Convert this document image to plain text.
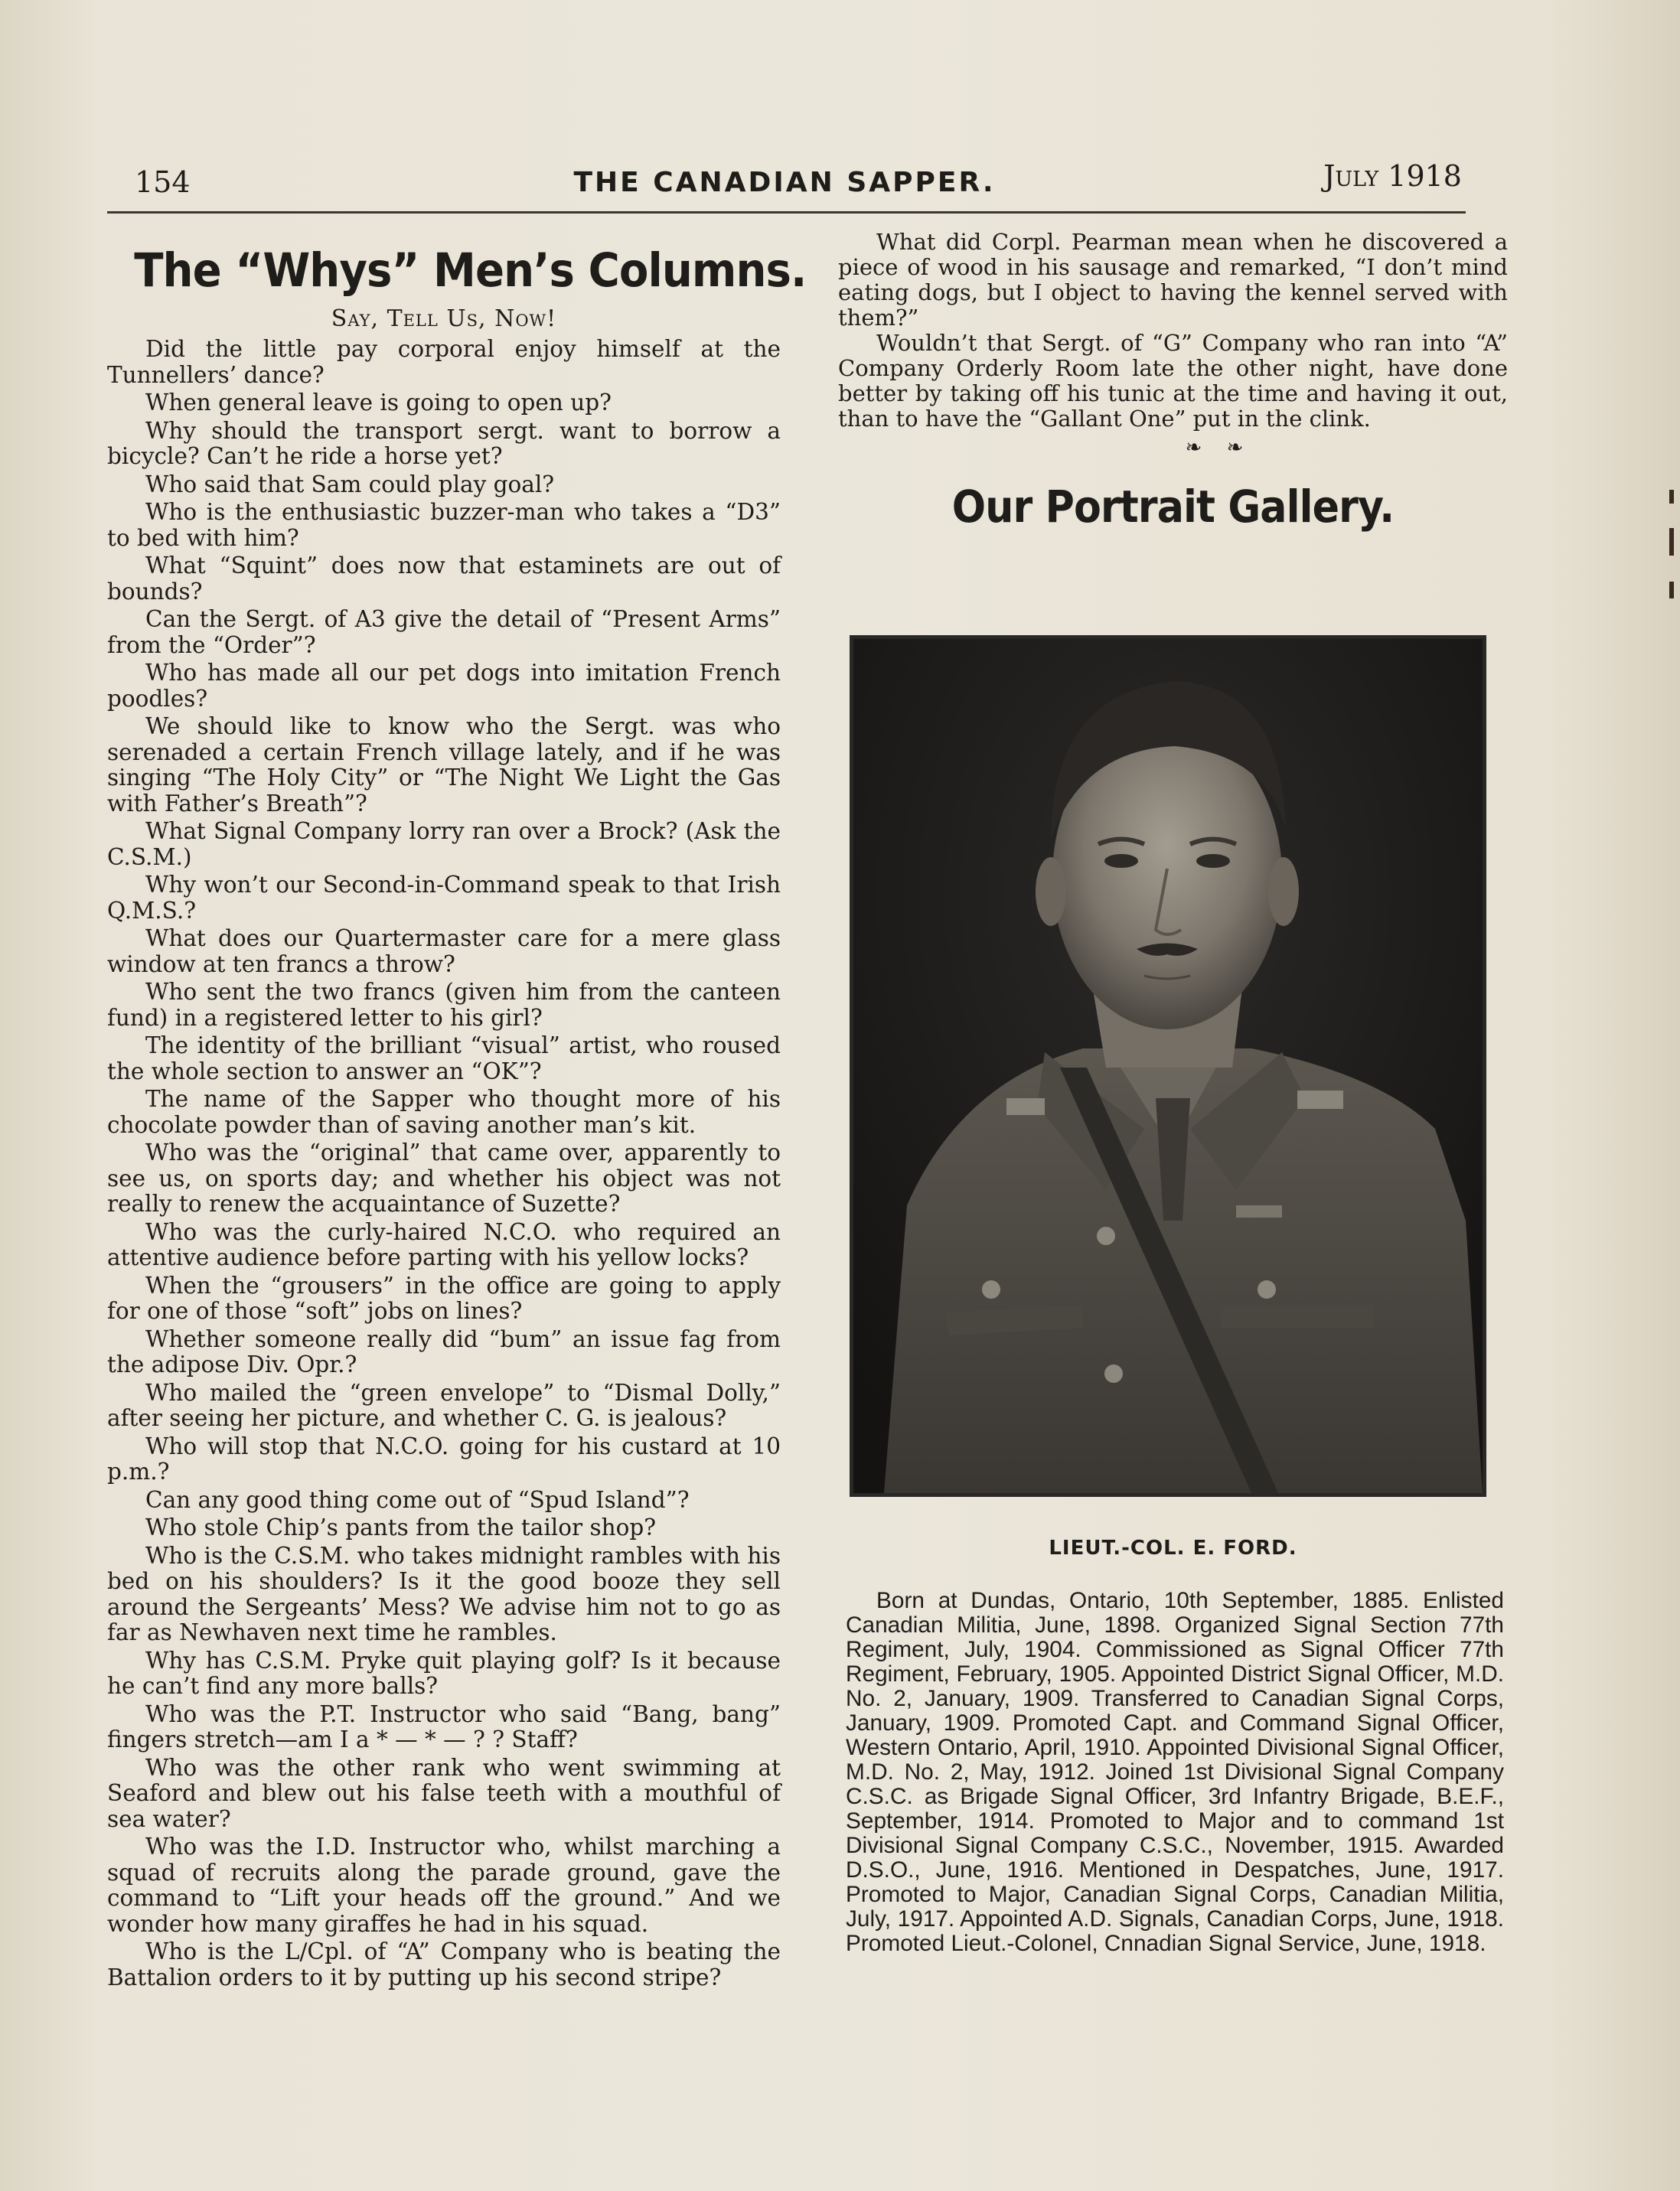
154	THE CANADIAN SAPPER.	July 1918
The “Whys” Men’s Columns.
Say, Tell Us, Now!

Did the little pay corporal enjoy himself at the Tunnellers’ dance?

When general leave is going to open up?

Why should the transport sergt. want to borrow a bicycle? Can’t he ride a horse yet?

Who said that Sam could play goal?

Who is the enthusiastic buzzer-man who takes a “D3” to bed with him?

What “Squint” does now that estaminets are out of bounds?

Can the Sergt. of A3 give the detail of “Present Arms” from the “Order”?

Who has made all our pet dogs into imitation French poodles?

We should like to know who the Sergt. was who serenaded a certain French village lately, and if he was singing “The Holy City” or “The Night We Light the Gas with Father’s Breath”?

What Signal Company lorry ran over a Brock? (Ask the C.S.M.)

Why won’t our Second-in-Command speak to that Irish Q.M.S.?

What does our Quartermaster care for a mere glass window at ten francs a throw?

Who sent the two francs (given him from the canteen fund) in a registered letter to his girl?

The identity of the brilliant “visual” artist, who roused the whole section to answer an “OK”?

The name of the Sapper who thought more of his chocolate powder than of saving another man’s kit.

Who was the “original” that came over, apparently to see us, on sports day; and whether his object was not really to renew the acquaintance of Suzette?

Who was the curly-haired N.C.O. who required an attentive audience before parting with his yellow locks?

When the “grousers” in the office are going to apply for one of those “soft” jobs on lines?

Whether someone really did “bum” an issue fag from the adipose Div. Opr.?

Who mailed the “green envelope” to “Dismal Dolly,” after seeing her picture, and whether C. G. is jealous?

Who will stop that N.C.O. going for his custard at 10 p.m.?

Can any good thing come out of “Spud Island”?

Who stole Chip’s pants from the tailor shop?

Who is the C.S.M. who takes midnight rambles with his bed on his shoulders? Is it the good booze they sell around the Sergeants’ Mess? We advise him not to go as far as Newhaven next time he rambles.

Why has C.S.M. Pryke quit playing golf? Is it because he can’t find any more balls?

Who was the P.T. Instructor who said “Bang, bang” fingers stretch—am I a * — * — ? ? Staff?

Who was the other rank who went swimming at Seaford and blew out his false teeth with a mouthful of sea water?

Who was the I.D. Instructor who, whilst marching a squad of recruits along the parade ground, gave the command to “Lift your heads off the ground.” And we wonder how many giraffes he had in his squad.

Who is the L/Cpl. of “A” Company who is beating the Battalion orders to it by putting up his second stripe?

What did Corpl. Pearman mean when he discovered a piece of wood in his sausage and remarked, “I don’t mind eating dogs, but I object to having the kennel served with them?”

Wouldn’t that Sergt. of “G” Company who ran into “A” Company Orderly Room late the other night, have done better by taking off his tunic at the time and having it out, than to have the “Gallant One” put in the clink.

❧ ❧
Our Portrait Gallery.
LIEUT.-COL. E. FORD.

Born at Dundas, Ontario, 10th September, 1885. Enlisted Canadian Militia, June, 1898. Organized Signal Section 77th Regiment, July, 1904. Commissioned as Signal Officer 77th Regiment, February, 1905. Appointed District Signal Officer, M.D. No. 2, January, 1909. Transferred to Canadian Signal Corps, January, 1909. Promoted Capt. and Command Signal Officer, Western Ontario, April, 1910. Appointed Divisional Signal Officer, M.D. No. 2, May, 1912. Joined 1st Divisional Signal Company C.S.C. as Brigade Signal Officer, 3rd Infantry Brigade, B.E.F., September, 1914. Promoted to Major and to command 1st Divisional Signal Company C.S.C., November, 1915. Awarded D.S.O., June, 1916. Mentioned in Despatches, June, 1917. Promoted to Major, Canadian Signal Corps, Canadian Militia, July, 1917. Appointed A.D. Signals, Canadian Corps, June, 1918. Promoted Lieut.-Colonel, Cnnadian Signal Service, June, 1918.
